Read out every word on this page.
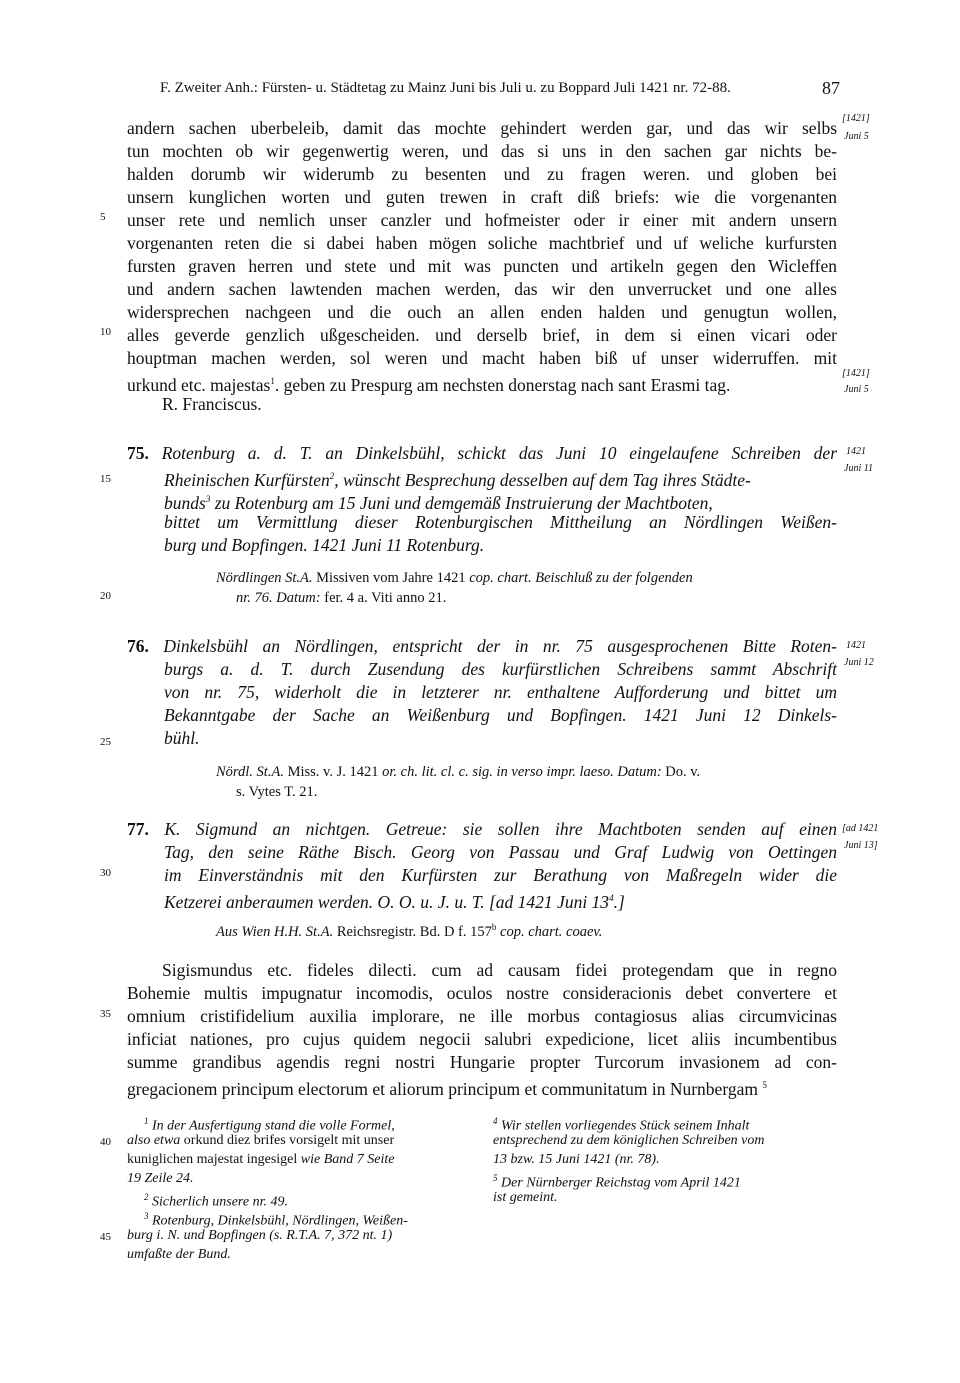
F. Zweiter Anh.: Fürsten- u. Städtetag zu Mainz Juni bis Juli u. zu Boppard Juli 1421 nr. 72-88.	87
5
10
15
20
25
30
35
40
45
[1421]
Juni 5
[1421]
Juni 5
1421
Juni 11
1421
Juni 12
[ad 1421
Juni 13]
andern sachen uberbeleib, damit das mochte gehindert werden gar, und das wir selbs
tun mochten ob wir gegenwertig weren, und das si uns in den sachen gar nichts be-
halden dorumb wir widerumb zu besenten und zu fragen weren. und globen bei
unsern kunglichen worten und guten trewen in craft diß briefs: wie die vorgenanten
unser rete und nemlich unser canzler und hofmeister oder ir einer mit andern unsern
vorgenanten reten die si dabei haben mögen soliche machtbrief und uf weliche kurfursten
fursten graven herren und stete und mit was puncten und artikeln gegen den Wicleffen
und andern sachen lawtenden machen werden, das wir den unverrucket und one alles
widersprechen nachgeen und die ouch an allen enden halden und genugtun wollen,
alles geverde genzlich ußgescheiden. und derselb brief, in dem si einen vicari oder
houptman machen werden, sol weren und macht haben biß uf unser widerruffen. mit
urkund etc. majestas$^1$. geben zu Prespurg am nechsten donerstag nach sant Erasmi tag.
R. Franciscus.
75. Rotenburg a. d. T. an Dinkelsbühl, schickt das Juni 10 eingelaufene Schreiben der
Rheinischen Kurfürsten$^2$, wünscht Besprechung desselben auf dem Tag ihres Städte-
bunds$^3$ zu Rotenburg am 15 Juni und demgemäß Instruierung der Machtboten,
bittet um Vermittlung dieser Rotenburgischen Mittheilung an Nördlingen Weißen-
burg und Bopfingen. 1421 Juni 11 Rotenburg.
Nördlingen St.A. Missiven vom Jahre 1421 cop. chart. Beischluß zu der folgenden
nr. 76. Datum: fer. 4 a. Viti anno 21.
76. Dinkelsbühl an Nördlingen, entspricht der in nr. 75 ausgesprochenen Bitte Roten-
burgs a. d. T. durch Zusendung des kurfürstlichen Schreibens sammt Abschrift
von nr. 75, widerholt die in letzterer nr. enthaltene Aufforderung und bittet um
Bekanntgabe der Sache an Weißenburg und Bopfingen. 1421 Juni 12 Dinkels-
bühl.
Nördl. St.A. Miss. v. J. 1421 or. ch. lit. cl. c. sig. in verso impr. laeso. Datum: Do. v.
s. Vytes T. 21.
77. K. Sigmund an nichtgen. Getreue: sie sollen ihre Machtboten senden auf einen
Tag, den seine Räthe Bisch. Georg von Passau und Graf Ludwig von Oettingen
im Einverständnis mit den Kurfürsten zur Berathung von Maßregeln wider die
Ketzerei anberaumen werden. O. O. u. J. u. T. [ad 1421 Juni $13^4$.]
Aus Wien H.H. St.A. Reichsregistr. Bd. D f. 157$^b$ cop. chart. coaev.
Sigismundus etc. fideles dilecti. cum ad causam fidei protegendam que in regno
Bohemie multis impugnatur incomodis, oculos nostre consideracionis debet convertere et
omnium cristifidelium auxilia implorare, ne ille morbus contagiosus alias circumvicinas
inficiat nationes, pro cujus quidem negocii salubri expedicione, licet aliis incumbentibus
summe grandibus agendis regni nostri Hungarie propter Turcorum invasionem ad con-
gregacionem principum electorum et aliorum principum et communitatum in Nurnbergam $^5$
$^1$ In der Ausfertigung stand die volle Formel,
also etwa orkund diez brifes vorsigelt mit unser
kuniglichen majestat ingesigel wie Band 7 Seite
19 Zeile 24.
$^2$ Sicherlich unsere nr. 49.
$^3$ Rotenburg, Dinkelsbühl, Nördlingen, Weißen-
burg i. N. und Bopfingen (s. R.T.A. 7, 372 nt. 1)
umfaßte der Bund.
$^4$ Wir stellen vorliegendes Stück seinem Inhalt
entsprechend zu dem königlichen Schreiben vom
13 bzw. 15 Juni 1421 (nr. 78).
$^5$ Der Nürnberger Reichstag vom April 1421
ist gemeint.
